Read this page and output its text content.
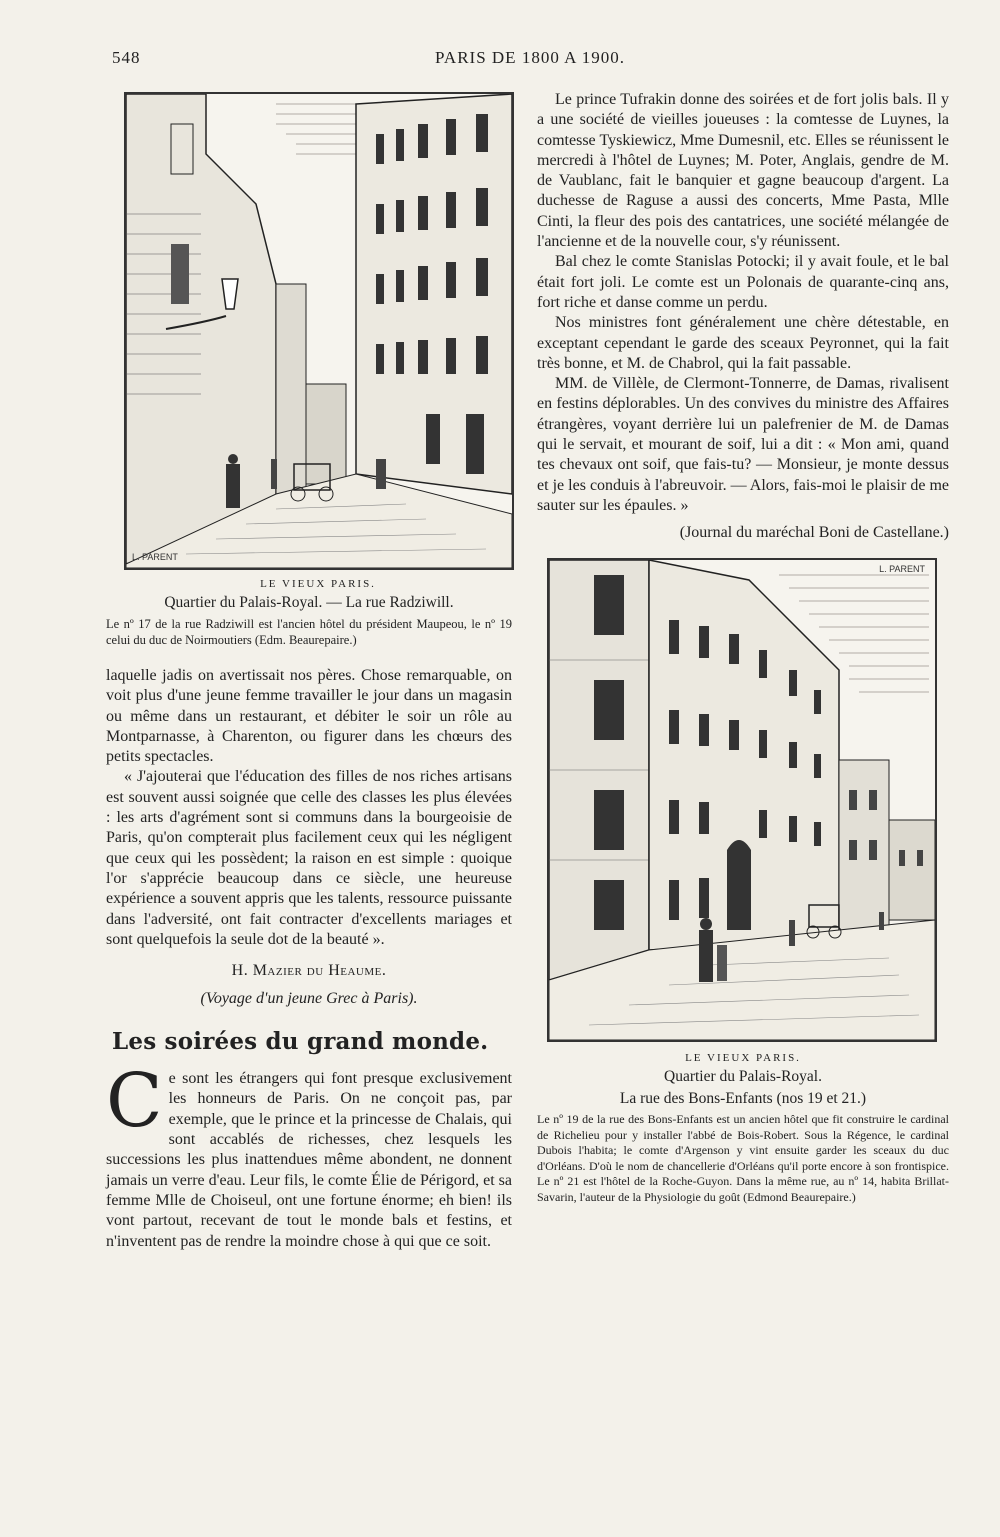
548	PARIS DE 1800 A 1900.
L. PARENT
LE VIEUX PARIS.
Quartier du Palais-Royal. — La rue Radziwill.
Le nº 17 de la rue Radziwill est l'ancien hôtel du président Maupeou, le nº 19 celui du duc de Noirmoutiers (Edm. Beaurepaire.)

laquelle jadis on avertissait nos pères. Chose remarquable, on voit plus d'une jeune femme travailler le jour dans un magasin ou même dans un restaurant, et débiter le soir un rôle au Montparnasse, à Charenton, ou figurer dans les chœurs des petits spectacles.

« J'ajouterai que l'éducation des filles de nos riches artisans est souvent aussi soignée que celle des classes les plus élevées : les arts d'agrément sont si communs dans la bourgeoisie de Paris, qu'on compterait plus facilement ceux qui les négligent que ceux qui les possèdent; la raison en est simple : quoique l'or s'apprécie beaucoup dans ce siècle, une heureuse expérience a souvent appris que les talents, ressource puissante dans l'adversité, ont fait contracter d'excellents mariages et sont quelquefois la seule dot de la beauté ».

H. Mazier du Heaume.
(Voyage d'un jeune Grec à Paris).
Les soirées du grand monde.

Ce sont les étrangers qui font presque exclusivement les honneurs de Paris. On ne conçoit pas, par exemple, que le prince et la princesse de Chalais, qui sont accablés de richesses, chez lesquels les successions les plus inattendues même abondent, ne donnent jamais un verre d'eau. Leur fils, le comte Élie de Périgord, et sa femme Mlle de Choiseul, ont une fortune énorme; eh bien! ils vont partout, recevant de tout le monde bals et festins, et n'inventent pas de rendre la moindre chose à qui que ce soit.

Le prince Tufrakin donne des soirées et de fort jolis bals. Il y a une société de vieilles joueuses : la comtesse de Luynes, la comtesse Tyskiewicz, Mme Dumesnil, etc. Elles se réunissent le mercredi à l'hôtel de Luynes; M. Poter, Anglais, gendre de M. de Vaublanc, fait le banquier et gagne beaucoup d'argent. La duchesse de Raguse a aussi des concerts, Mme Pasta, Mlle Cinti, la fleur des pois des cantatrices, une société mélangée de l'ancienne et de la nouvelle cour, s'y réunissent.

Bal chez le comte Stanislas Potocki; il y avait foule, et le bal était fort joli. Le comte est un Polonais de quarante-cinq ans, fort riche et danse comme un perdu.

Nos ministres font généralement une chère détestable, en exceptant cependant le garde des sceaux Peyronnet, qui la fait très bonne, et M. de Chabrol, qui la fait passable.

MM. de Villèle, de Clermont-Tonnerre, de Damas, rivalisent en festins déplorables. Un des convives du ministre des Affaires étrangères, voyant derrière lui un palefrenier de M. de Damas qui le servait, et mourant de soif, lui a dit : « Mon ami, quand tes chevaux ont soif, que fais-tu? — Monsieur, je monte dessus et je les conduis à l'abreuvoir. — Alors, fais-moi le plaisir de me sauter sur les épaules. »

(Journal du maréchal Boni de Castellane.)
L. PARENT
LE VIEUX PARIS.
Quartier du Palais-Royal.
La rue des Bons-Enfants (nos 19 et 21.)
Le nº 19 de la rue des Bons-Enfants est un ancien hôtel que fit construire le cardinal de Richelieu pour y installer l'abbé de Bois-Robert. Sous la Régence, le cardinal Dubois l'habita; le comte d'Argenson y vint ensuite garder les sceaux du duc d'Orléans. D'où le nom de chancellerie d'Orléans qu'il porte encore à son frontispice. Le nº 21 est l'hôtel de la Roche-Guyon. Dans la même rue, au nº 14, habita Brillat-Savarin, l'auteur de la Physiologie du goût (Edmond Beaurepaire.)
